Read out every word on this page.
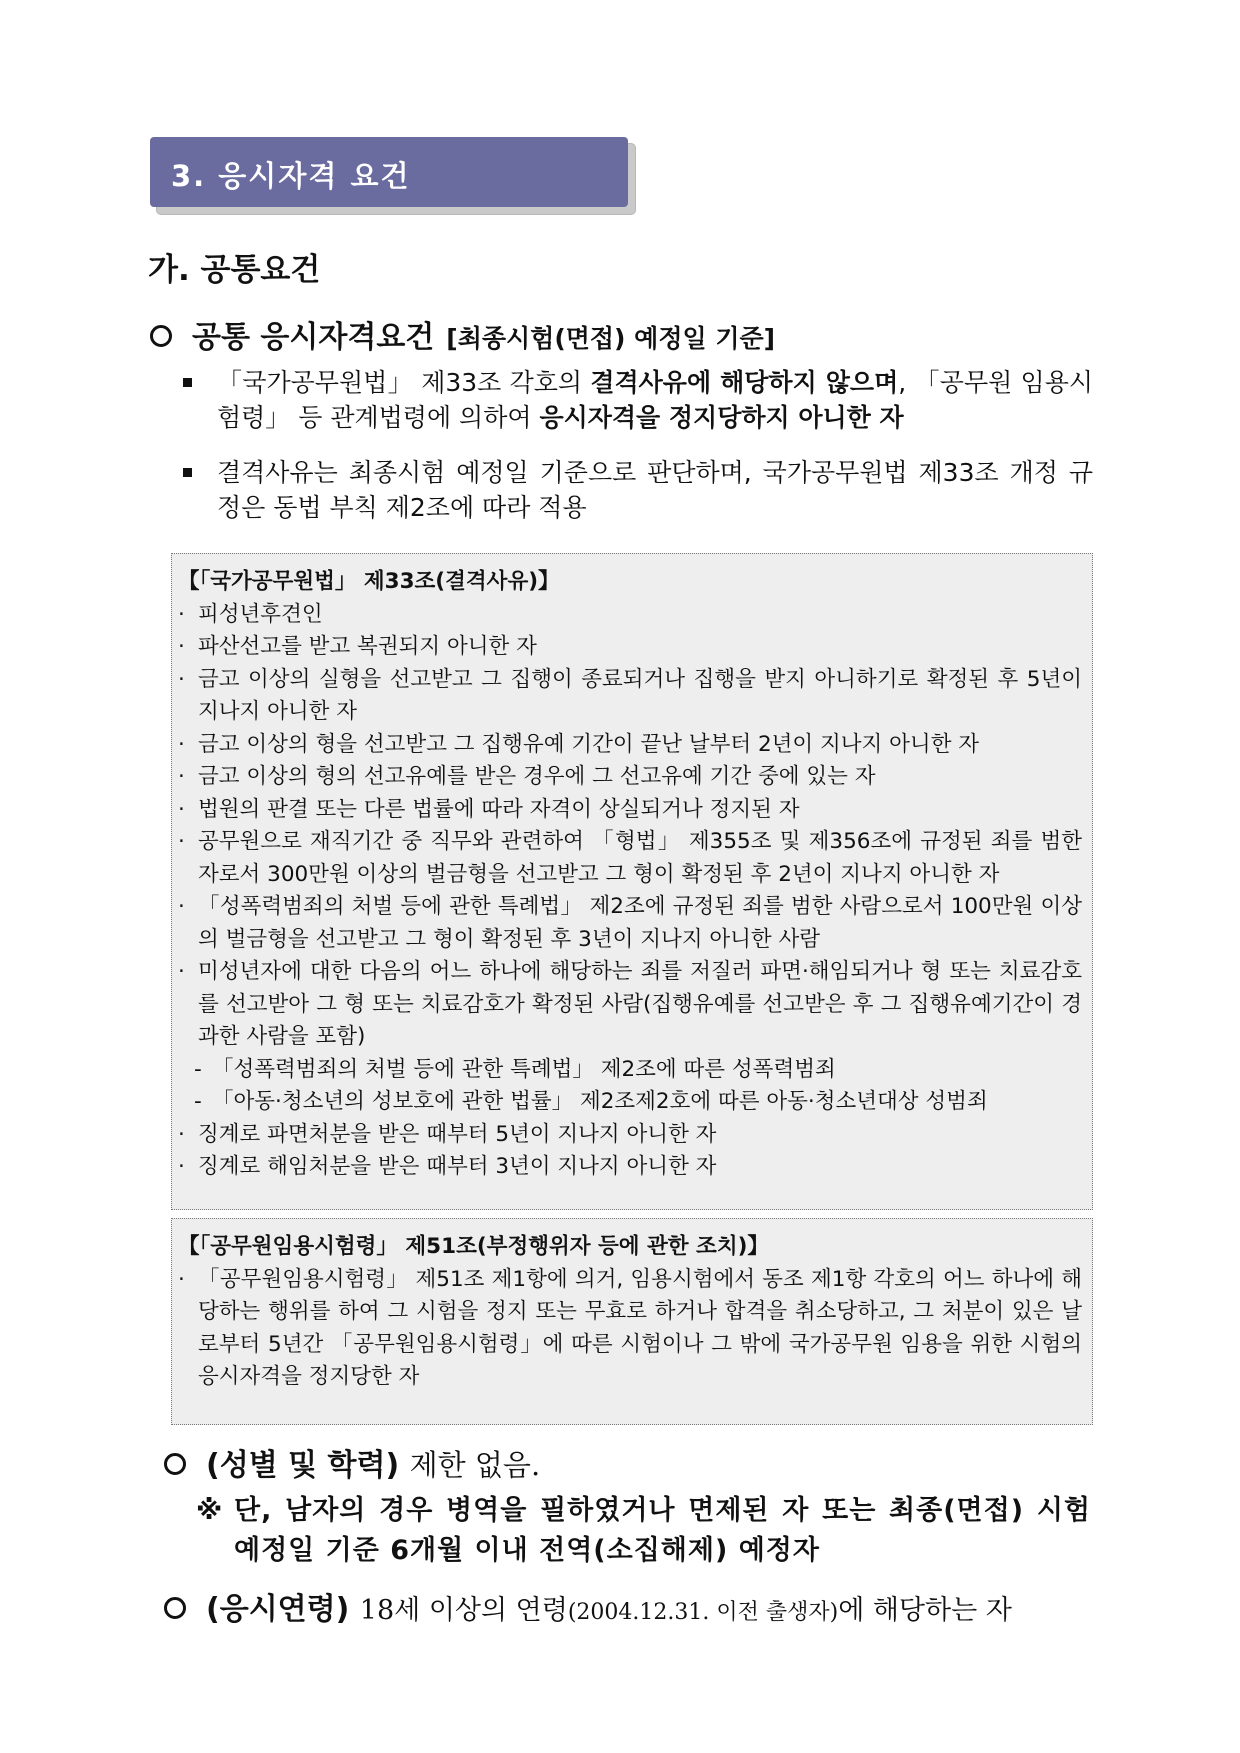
3. 응시자격 요건
가. 공통요건
공통 응시자격요건 [최종시험(면접) 예정일 기준]
「국가공무원법」 제33조 각호의 결격사유에 해당하지 않으며, 「공무원 임용시험령」 등 관계법령에 의하여 응시자격을 정지당하지 아니한 자
결격사유는 최종시험 예정일 기준으로 판단하며, 국가공무원법 제33조 개정 규정은 동법 부칙 제2조에 따라 적용
【「국가공무원법」 제33조(결격사유)】
· 피성년후견인
· 파산선고를 받고 복권되지 아니한 자
· 금고 이상의 실형을 선고받고 그 집행이 종료되거나 집행을 받지 아니하기로 확정된 후 5년이 지나지 아니한 자
· 금고 이상의 형을 선고받고 그 집행유예 기간이 끝난 날부터 2년이 지나지 아니한 자
· 금고 이상의 형의 선고유예를 받은 경우에 그 선고유예 기간 중에 있는 자
· 법원의 판결 또는 다른 법률에 따라 자격이 상실되거나 정지된 자
· 공무원으로 재직기간 중 직무와 관련하여 「형법」 제355조 및 제356조에 규정된 죄를 범한 자로서 300만원 이상의 벌금형을 선고받고 그 형이 확정된 후 2년이 지나지 아니한 자
· 「성폭력범죄의 처벌 등에 관한 특례법」 제2조에 규정된 죄를 범한 사람으로서 100만원 이상의 벌금형을 선고받고 그 형이 확정된 후 3년이 지나지 아니한 사람
· 미성년자에 대한 다음의 어느 하나에 해당하는 죄를 저질러 파면·해임되거나 형 또는 치료감호를 선고받아 그 형 또는 치료감호가 확정된 사람(집행유예를 선고받은 후 그 집행유예기간이 경과한 사람을 포함)
- 「성폭력범죄의 처벌 등에 관한 특례법」 제2조에 따른 성폭력범죄
- 「아동·청소년의 성보호에 관한 법률」 제2조제2호에 따른 아동·청소년대상 성범죄
· 징계로 파면처분을 받은 때부터 5년이 지나지 아니한 자
· 징계로 해임처분을 받은 때부터 3년이 지나지 아니한 자
【「공무원임용시험령」 제51조(부정행위자 등에 관한 조치)】
· 「공무원임용시험령」 제51조 제1항에 의거, 임용시험에서 동조 제1항 각호의 어느 하나에 해당하는 행위를 하여 그 시험을 정지 또는 무효로 하거나 합격을 취소당하고, 그 처분이 있은 날로부터 5년간 「공무원임용시험령」에 따른 시험이나 그 밖에 국가공무원 임용을 위한 시험의 응시자격을 정지당한 자
(성별 및 학력) 제한 없음.
※ 단, 남자의 경우 병역을 필하였거나 면제된 자 또는 최종(면접) 시험 예정일 기준 6개월 이내 전역(소집해제) 예정자
(응시연령) 18세 이상의 연령(2004.12.31. 이전 출생자)에 해당하는 자
